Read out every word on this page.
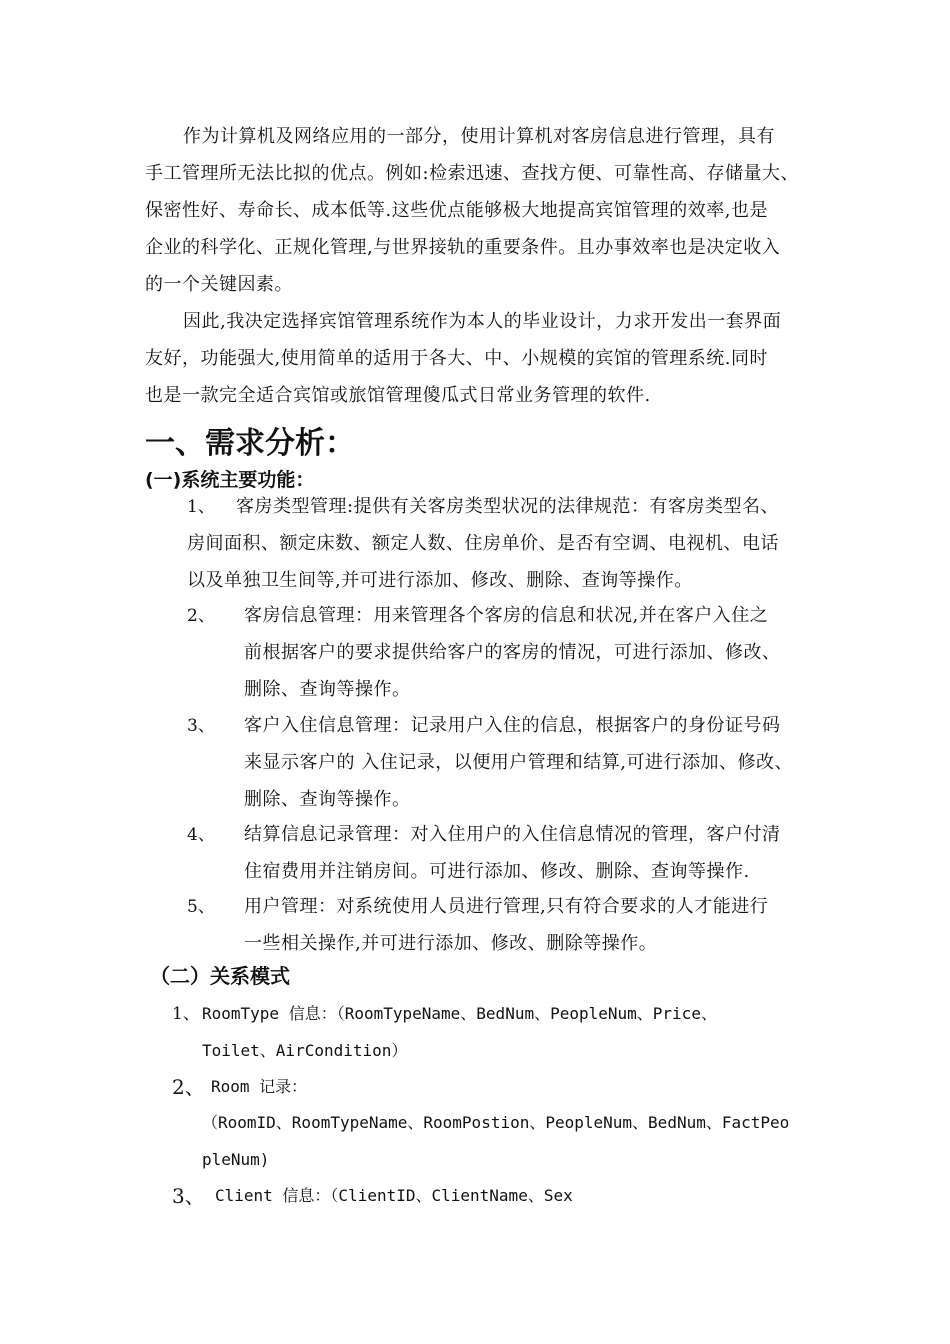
作为计算机及网络应用的一部分，使用计算机对客房信息进行管理，具有
手工管理所无法比拟的优点。例如:检索迅速、查找方便、可靠性高、存储量大、
保密性好、寿命长、成本低等.这些优点能够极大地提高宾馆管理的效率,也是
企业的科学化、正规化管理,与世界接轨的重要条件。且办事效率也是决定收入
的一个关键因素。
因此,我决定选择宾馆管理系统作为本人的毕业设计，力求开发出一套界面
友好，功能强大,使用简单的适用于各大、中、小规模的宾馆的管理系统.同时
也是一款完全适合宾馆或旅馆管理傻瓜式日常业务管理的软件.
一、需求分析：
(一)系统主要功能：
1、 客房类型管理:提供有关客房类型状况的法律规范：有客房类型名、
房间面积、额定床数、额定人数、住房单价、是否有空调、电视机、电话
以及单独卫生间等,并可进行添加、修改、删除、查询等操作。
2、 客房信息管理：用来管理各个客房的信息和状况,并在客户入住之
前根据客户的要求提供给客户的客房的情况，可进行添加、修改、
删除、查询等操作。
3、 客户入住信息管理：记录用户入住的信息，根据客户的身份证号码
来显示客户的 入住记录，以便用户管理和结算,可进行添加、修改、
删除、查询等操作。
4、 结算信息记录管理：对入住用户的入住信息情况的管理，客户付清
住宿费用并注销房间。可进行添加、修改、删除、查询等操作.
5、 用户管理：对系统使用人员进行管理,只有符合要求的人才能进行
一些相关操作,并可进行添加、修改、删除等操作。
（二）关系模式
1、 RoomType 信息：（RoomTypeName、BedNum、PeopleNum、Price、
Toilet、AirCondition）
2、 Room 记录：
（RoomID、RoomTypeName、RoomPostion、PeopleNum、BedNum、FactPeo
pleNum)
3、 Client 信息：（ClientID、ClientName、Sex
